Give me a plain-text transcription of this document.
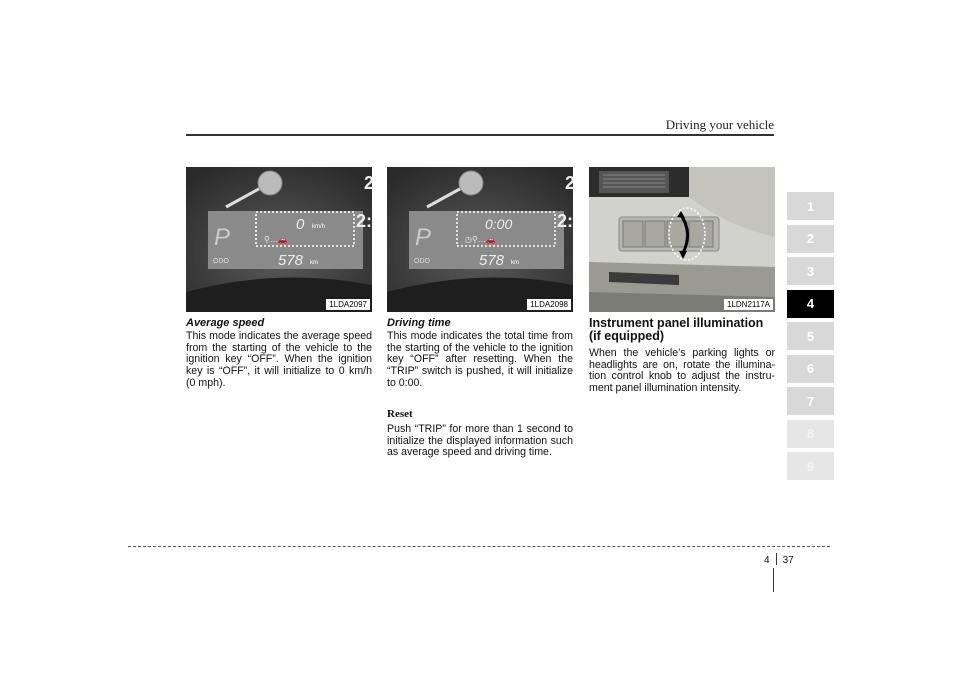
Driving your vehicle
P	0 km/h
⚲…🚗
ODO	578 km
2
2:
1LDA2097
P	0:00
◷⚲…🚗
ODO	578 km
2
2:
1LDA2098	1LDN2117A
Average speed
This mode indicates the average speed from the starting of the vehicle to the ignition key “OFF”. When the ignition key is “OFF”, it will initialize to 0 km/h (0 mph).
Driving time
This mode indicates the total time from the starting of the vehicle to the ignition key “OFF” after resetting. When the “TRIP” switch is pushed, it will initialize to 0:00.
Reset
Push “TRIP” for more than 1 second to initialize the displayed information such as average speed and driving time.
Instrument panel illumination (if equipped)
When the vehicle’s parking lights or headlights are on, rotate the illumina-tion control knob to adjust the instru-ment panel illumination intensity.
1
2
3
4
5
6
7
8
9
4 37
